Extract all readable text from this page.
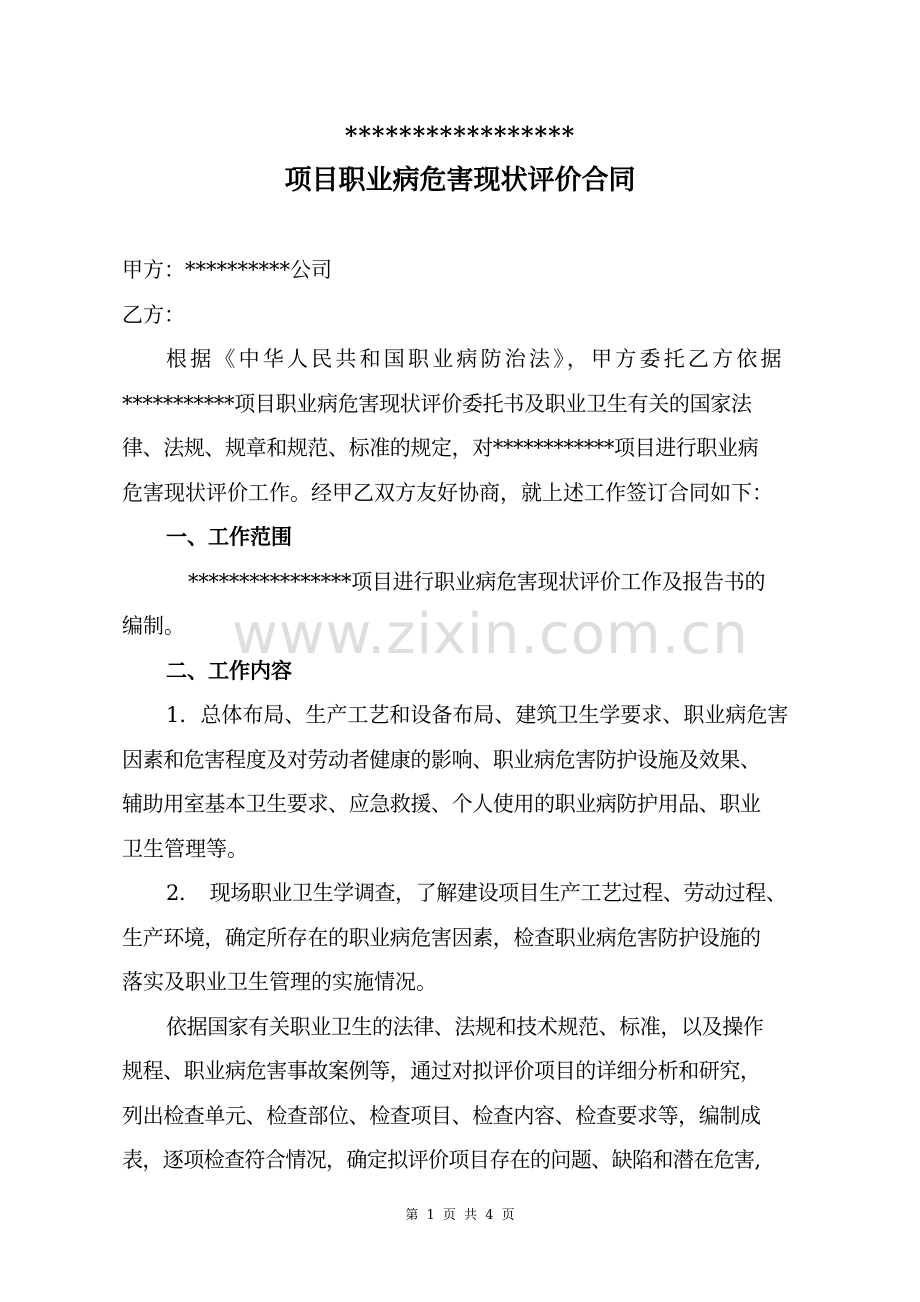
*****************
项目职业病危害现状评价合同
甲方：**********公司
乙方：
根据《中华人民共和国职业病防治法》，甲方委托乙方依据
***********项目职业病危害现状评价委托书及职业卫生有关的国家法
律、法规、规章和规范、标准的规定，对************项目进行职业病
危害现状评价工作。经甲乙双方友好协商，就上述工作签订合同如下：
一、工作范围
****************项目进行职业病危害现状评价工作及报告书的
编制。
二、工作内容
1．总体布局、生产工艺和设备布局、建筑卫生学要求、职业病危害
因素和危害程度及对劳动者健康的影响、职业病危害防护设施及效果、
辅助用室基本卫生要求、应急救援、个人使用的职业病防护用品、职业
卫生管理等。
2．　现场职业卫生学调查，了解建设项目生产工艺过程、劳动过程、
生产环境，确定所存在的职业病危害因素，检查职业病危害防护设施的
落实及职业卫生管理的实施情况。
依据国家有关职业卫生的法律、法规和技术规范、标准，以及操作
规程、职业病危害事故案例等，通过对拟评价项目的详细分析和研究，
列出检查单元、检查部位、检查项目、检查内容、检查要求等，编制成
表，逐项检查符合情况，确定拟评价项目存在的问题、缺陷和潜在危害,
www.zixin.com.cn
第 1 页 共 4 页
